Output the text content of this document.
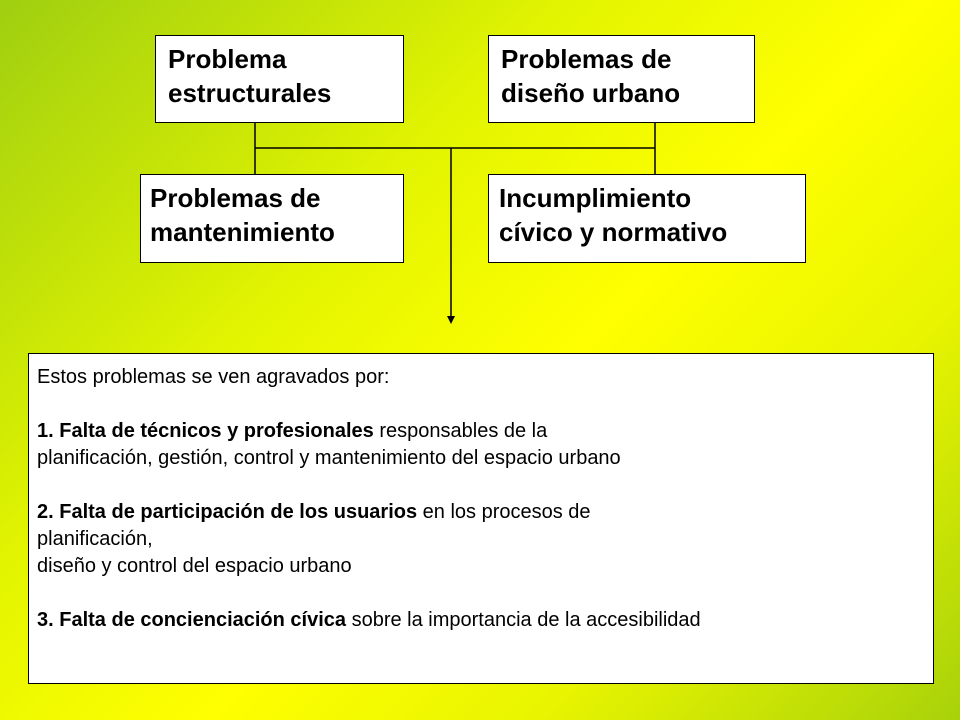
Problema
estructurales
Problemas de
diseño urbano
Problemas de
mantenimiento
Incumplimiento
cívico y normativo

Estos problemas se ven agravados por:

1. Falta de técnicos y profesionales responsables de la

planificación, gestión, control y mantenimiento del espacio urbano

2. Falta de participación de los usuarios en los procesos de

planificación,

diseño y control del espacio urbano

3. Falta de concienciación cívica sobre la importancia de la accesibilidad
